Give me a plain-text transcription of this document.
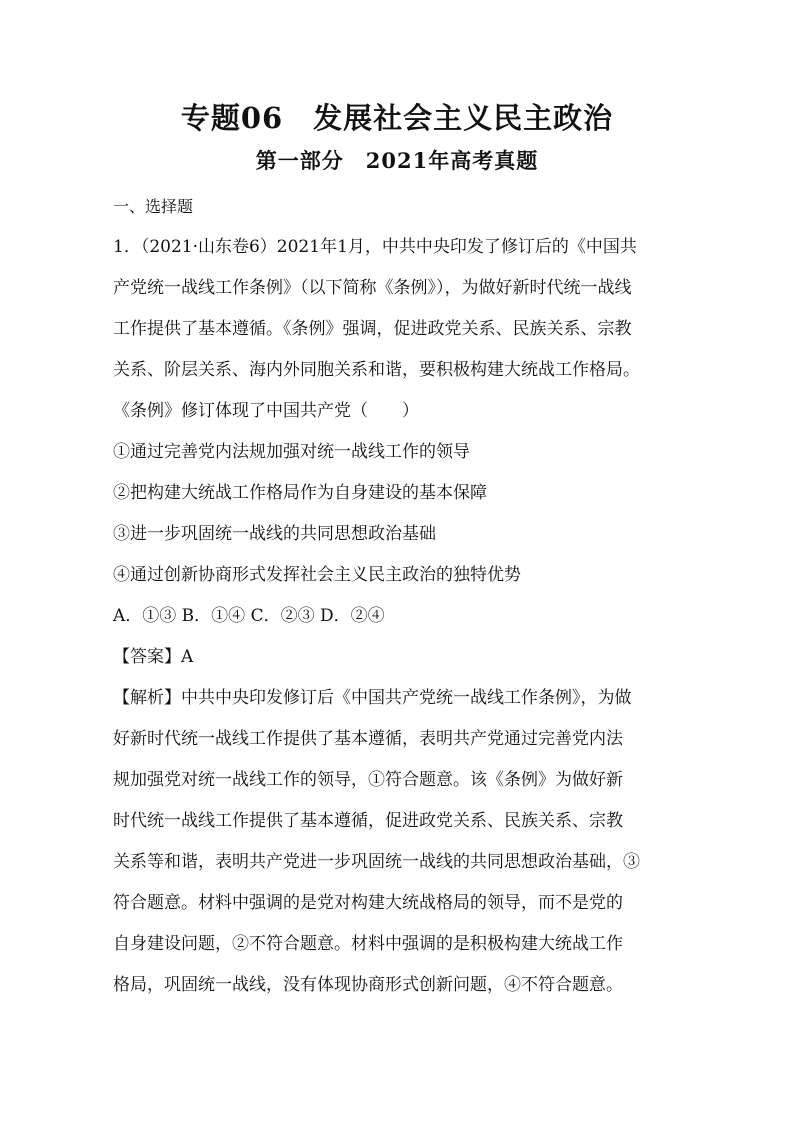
专题06　发展社会主义民主政治
第一部分　2021年高考真题
一、选择题
1．（2021·山东卷6）2021年1月，中共中央印发了修订后的《中国共
产党统一战线工作条例》（以下简称《条例》），为做好新时代统一战线
工作提供了基本遵循。《条例》强调，促进政党关系、民族关系、宗教
关系、阶层关系、海内外同胞关系和谐，要积极构建大统战工作格局。
《条例》修订体现了中国共产党（　　）
①通过完善党内法规加强对统一战线工作的领导
②把构建大统战工作格局作为自身建设的基本保障
③进一步巩固统一战线的共同思想政治基础
④通过创新协商形式发挥社会主义民主政治的独特优势
A．①③ B．①④ C．②③ D．②④
【答案】A
【解析】中共中央印发修订后《中国共产党统一战线工作条例》，为做
好新时代统一战线工作提供了基本遵循，表明共产党通过完善党内法
规加强党对统一战线工作的领导，①符合题意。该《条例》为做好新
时代统一战线工作提供了基本遵循，促进政党关系、民族关系、宗教
关系等和谐，表明共产党进一步巩固统一战线的共同思想政治基础，③
符合题意。材料中强调的是党对构建大统战格局的领导，而不是党的
自身建设问题，②不符合题意。材料中强调的是积极构建大统战工作
格局，巩固统一战线，没有体现协商形式创新问题，④不符合题意。
